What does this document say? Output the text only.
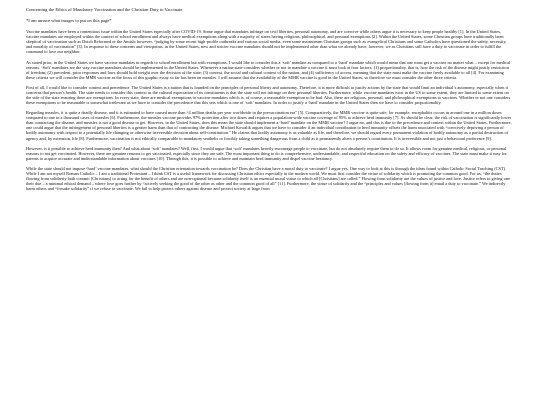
Concerning the Ethics of Mandatory Vaccination and the Christian Duty to Vaccinate
*I am unsure what images to put on this page*

Vaccine mandates have been a contentious issue within the United States especially after COVID-19. Some argue that mandates infringe on civil liberties, personal autonomy, and are coercive while others argue it is necessary to keep people healthy [1]. In the United States, vaccine mandates are employed within the context of school enrollment and always have medical exemptions along with a majority of states having religious, philosophical, and personal exemptions [2]. Within the United States, some Christian groups have traditionally been skeptical of vaccination such as Dutch Reformed or the Amish; however, “judging by some recent high-profile outbreaks and various social media, even some mainstream Christian groups such as evangelical Christians and some Catholics have questioned the safety, necessity, and morality of vaccination” [3]. In response to these concerns and viewpoints, in the United States, new and stricter vaccine mandates should not be implemented other than what we already have; however, we as Christians still have a duty to vaccinate in order to fulfill the command to love our neighbor.

As stated prior, in the United States we have vaccine mandates in regards to school enrollment but with exemptions. I would like to consider this a ‘soft’ mandate as compared to a ‘hard’ mandate which would mean that one must get a vaccine no matter what – except for medical reasons. ‘Soft’ mandates are the way vaccine mandates should be implemented in the United States. Whenever a nation-state considers whether or not to mandate a vaccine it must look at four factors: (1) proportionality, that is, how the risk of the disease might justify restriction of freedom; (2) precedent, prior responses and laws should hold weight over the decision of the state; (3) context, the social and cultural context of the nation; and (4) sufficiency of access, meaning that the state must make the vaccine freely available to all [4]. For examining these criteria we will consider the MMR vaccine as the focus of this graphic essay so far has been on measles. I will assume that the availability of the MMR vaccine is good in the United States, so therefore we must consider the other three criteria.

First of all, I would like to consider context and precedence. The United States is a nation that is founded on the principles of personal liberty and autonomy. Therefore, it is more difficult to justify actions by the state that would limit an individual’s autonomy, especially when it concerns that person’s health. The state needs to consider this context as the cultural expectation of its constituents is that the state will not infringe on their personal liberties. Furthermore, while vaccine mandates exist in the US to some extent, they are limited to some extent on the side of the state ensuring there are exemptions. In every state, there are medical exemptions to vaccine mandates which is, of course, a reasonable exemption to be had. Also, there are religious, personal, and philosophical exemptions to vaccines. Whether or not one considers these exemptions to be reasonable is somewhat irrelevant as we have to consider the precedence that this sets which is one of ‘soft’ mandates. In order to justify a ‘hard’ mandate in the United States then we have to consider proportionality.

Regarding measles, it is quite a deadly disease, and it is estimated to have caused more than “4 million deaths per year worldwide in the prevaccination era” [5]. Comparatively, the MMR vaccine is quite safe, for example, encephalitis occurs in around one in a million doses compared to one in a thousand cases of measles [6]. Furthermore, the measles vaccine provides 97% protection after two doses and requires a population-wide vaccine coverage of 95% to achieve herd immunity [7]. As should be clear, the risk of vaccination is significantly lower than contracting the disease, and measles is not a good disease to get. However, in the United States, does this mean the state should implement a ‘hard’ mandate on the MMR vaccine? I argue no, and this is due to the precedence and context within the United States. Furthermore, one could argue that the infringement of personal liberties is a greater harm than that of contracting the disease. Michael Kowalik argues that we have to consider if an individual contribution to herd immunity offsets the harm associated with “coercively depriving a person of bodily autonomy with respect to a potentially life changing or otherwise irreversible decision about self-constitution.” He claims that bodily autonomy is as valuable as life, and therefore, we should regard every permanent violation of bodily autonomy as a partial destruction of agency and, by extension, life [8]. Furthermore, vaccination is not ethically comparable to mandatory seatbelts or forcibly taking something dangerous from a child as it permanently alters a person’s constitution. It is irreversible and not just a behavioral preference [9].

However, is it possible to achieve herd immunity then? And what about ‘soft’ mandates? Well, first, I would argue that ‘soft’ mandates heavily encourage people to vaccinate, but do not absolutely require them to do so. It allows room for genuine medical, religious, or personal reasons to not get vaccinated. However, there are genuine reasons to get vaccinated, especially since they are safe. The most important thing to do is comprehensive, understandable, and respectful education on the safety and efficacy of vaccines. The state must make it easy for parents to acquire accurate and understandable information about vaccines [10]. Through this, it is possible to achieve and maintain herd immunity and dispel vaccine hesitancy.

While the state should not impose ‘hard’ vaccine mandates, what should the Christian orientation towards vaccination be? Does the Christian have a moral duty to vaccinate? I argue yes. One way to look at this is through the ideas found within Catholic Social Teaching (CST). While I am not myself Roman Catholic – I am a traditional Protestant – I think CST is a useful framework for discussing Christian ethics especially in the modern world. We must first consider the virtue of solidarity which is promoting the common good. For us, “the duties flowing from solidarity both commit [Christians] to acting for the benefit of others and are non-optional because solidarity itself is an essential moral virtue to which all [Christians] are called.” Flowing from solidarity are the values of justice and love. Justice refers to giving one their due – a minimal ethical demand – where love goes further by “actively seeking the good of the other as other and the common good of all” [11]. Furthermore, the virtue of solidarity and the “principles and values [flowing from it] entail a duty to vaccinate.” We indirectly harm others and “forsake solidarity” if we refuse to vaccinate. We fail to help protect others against disease and protect society at large from
